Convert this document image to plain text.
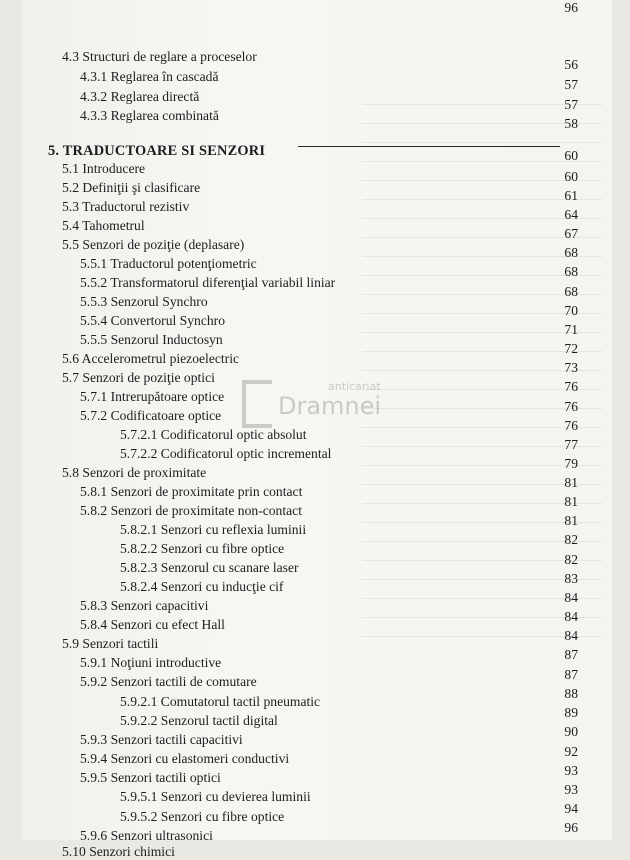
4.3 Structuri de reglare a proceselor
56
4.3.1 Reglarea în cascadă
57
4.3.2 Reglarea directă
57
4.3.3 Reglarea combinată
58
5. TRADUCTOARE SI SENZORI	60
5.1 Introducere
60
5.2 Definiţii şi clasificare
61
5.3 Traductorul rezistiv
64
5.4 Tahometrul
67
5.5 Senzori de poziţie (deplasare)
68
5.5.1 Traductorul potenţiometric
68
5.5.2 Transformatorul diferenţial variabil liniar
68
5.5.3 Senzorul Synchro
70
5.5.4 Convertorul Synchro
71
5.5.5 Senzorul Inductosyn
72
5.6 Accelerometrul piezoelectric
73
5.7 Senzori de poziţie optici
76
5.7.1 Intrerupătoare optice
76
5.7.2 Codificatoare optice
76
5.7.2.1 Codificatorul optic absolut
77
5.7.2.2 Codificatorul optic incremental
79
5.8 Senzori de proximitate
81
5.8.1 Senzori de proximitate prin contact
81
5.8.2 Senzori de proximitate non-contact
81
5.8.2.1 Senzori cu reflexia luminii
82
5.8.2.2 Senzori cu fibre optice
82
5.8.2.3 Senzorul cu scanare laser
83
5.8.2.4 Senzori cu inducţie cif
84
5.8.3 Senzori capacitivi
84
5.8.4 Senzori cu efect Hall
84
5.9 Senzori tactili
87
5.9.1 Noţiuni introductive
87
5.9.2 Senzori tactili de comutare
88
5.9.2.1 Comutatorul tactil pneumatic
89
5.9.2.2 Senzorul tactil digital
90
5.9.3 Senzori tactili capacitivi
92
5.9.4 Senzori cu elastomeri conductivi
93
5.9.5 Senzori tactili optici
93
5.9.5.1 Senzori cu devierea luminii
94
5.9.5.2 Senzori cu fibre optice
96
5.9.6 Senzori ultrasonici
96
5.10 Senzori chimici
anticariat
Dramnei
